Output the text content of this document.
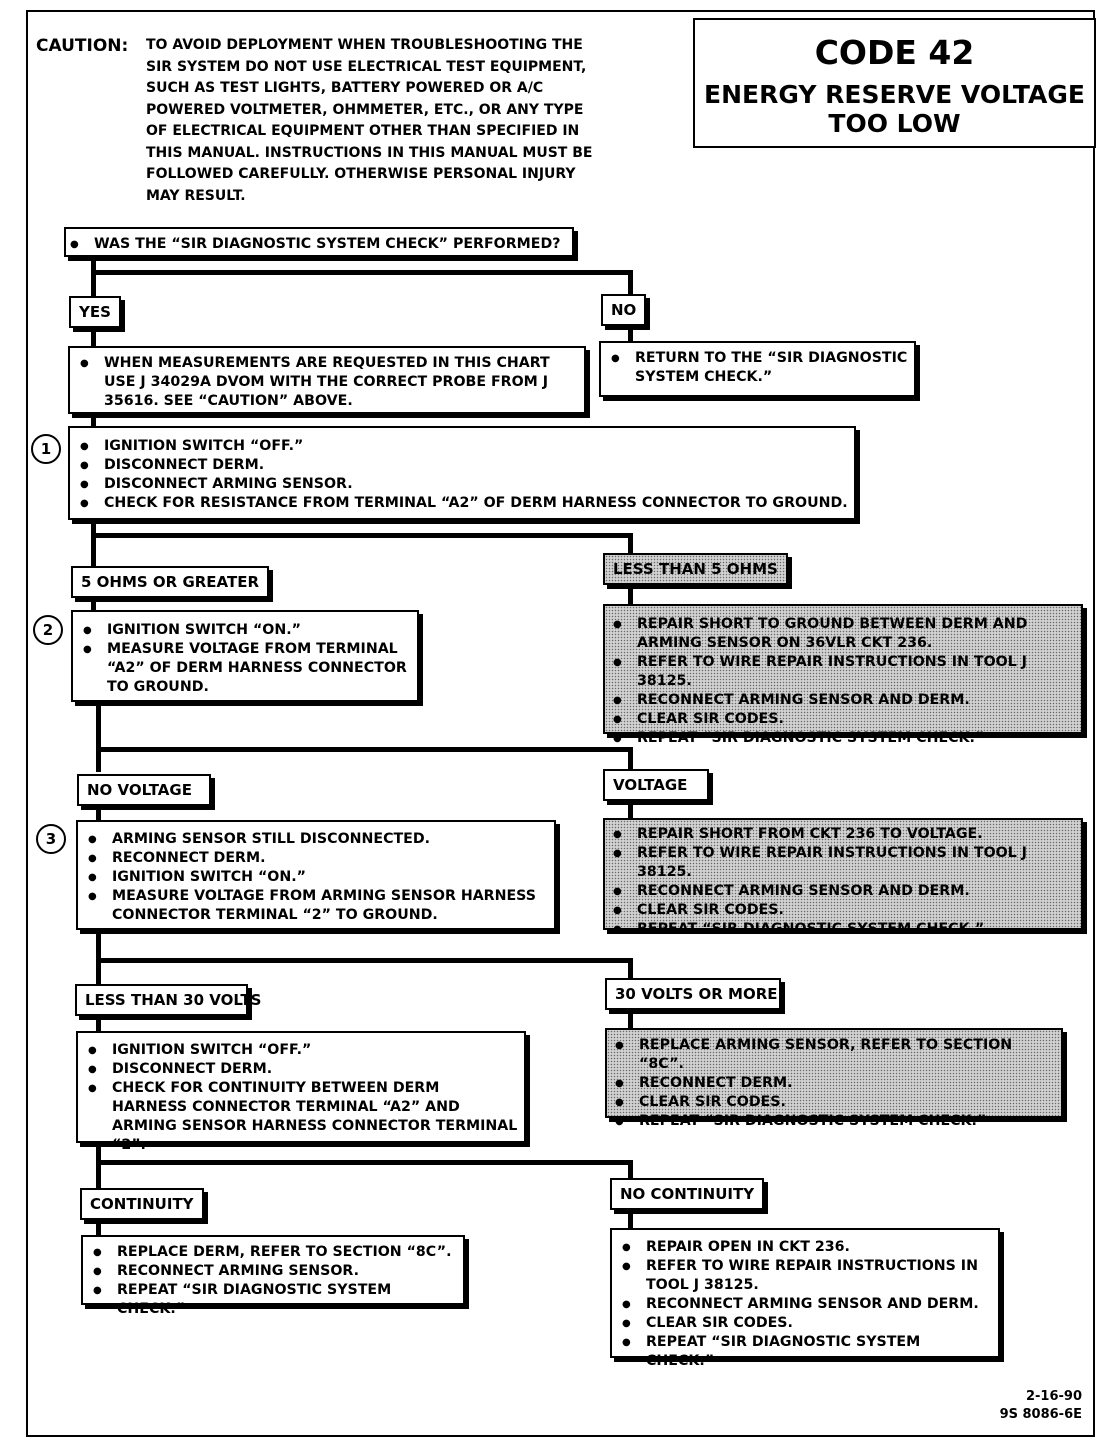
CAUTION: TO AVOID DEPLOYMENT WHEN TROUBLESHOOTING THE SIR SYSTEM DO NOT USE ELECTRICAL TEST EQUIPMENT, SUCH AS TEST LIGHTS, BATTERY POWERED OR A/C POWERED VOLTMETER, OHMMETER, ETC., OR ANY TYPE OF ELECTRICAL EQUIPMENT OTHER THAN SPECIFIED IN THIS MANUAL. INSTRUCTIONS IN THIS MANUAL MUST BE FOLLOWED CAREFULLY. OTHERWISE PERSONAL INJURY MAY RESULT.
CODE 42
ENERGY RESERVE VOLTAGE
TOO LOW
● WAS THE “SIR DIAGNOSTIC SYSTEM CHECK” PERFORMED?
YES	NO
● WHEN MEASUREMENTS ARE REQUESTED IN THIS CHART USE J 34029A DVOM WITH THE CORRECT PROBE FROM J 35616. SEE “CAUTION” ABOVE.
● RETURN TO THE “SIR DIAGNOSTIC SYSTEM CHECK.”
1	● IGNITION SWITCH “OFF.”
● DISCONNECT DERM.
● DISCONNECT ARMING SENSOR.
● CHECK FOR RESISTANCE FROM TERMINAL “A2” OF DERM HARNESS CONNECTOR TO GROUND.
5 OHMS OR GREATER
LESS THAN 5 OHMS
● REPAIR SHORT TO GROUND BETWEEN DERM AND ARMING SENSOR ON 36VLR CKT 236.
● REFER TO WIRE REPAIR INSTRUCTIONS IN TOOL J 38125.
● RECONNECT ARMING SENSOR AND DERM.
● CLEAR SIR CODES.
● REPEAT “SIR DIAGNOSTIC SYSTEM CHECK.”
2	● IGNITION SWITCH “ON.”
● MEASURE VOLTAGE FROM TERMINAL “A2” OF DERM HARNESS CONNECTOR TO GROUND.
NO VOLTAGE	VOLTAGE
● REPAIR SHORT FROM CKT 236 TO VOLTAGE.
● REFER TO WIRE REPAIR INSTRUCTIONS IN TOOL J 38125.
● RECONNECT ARMING SENSOR AND DERM.
● CLEAR SIR CODES.
● REPEAT “SIR DIAGNOSTIC SYSTEM CHECK.”
3	● ARMING SENSOR STILL DISCONNECTED.
● RECONNECT DERM.
● IGNITION SWITCH “ON.”
● MEASURE VOLTAGE FROM ARMING SENSOR HARNESS CONNECTOR TERMINAL “2” TO GROUND.
LESS THAN 30 VOLTS	30 VOLTS OR MORE
● REPLACE ARMING SENSOR, REFER TO SECTION “8C”.
● RECONNECT DERM.
● CLEAR SIR CODES.
● REPEAT “SIR DIAGNOSTIC SYSTEM CHECK.”
● IGNITION SWITCH “OFF.”
● DISCONNECT DERM.
● CHECK FOR CONTINUITY BETWEEN DERM HARNESS CONNECTOR TERMINAL “A2” AND ARMING SENSOR HARNESS CONNECTOR TERMINAL “2”.
CONTINUITY
NO CONTINUITY
● REPLACE DERM, REFER TO SECTION “8C”.
● RECONNECT ARMING SENSOR.
● REPEAT “SIR DIAGNOSTIC SYSTEM CHECK.”
● REPAIR OPEN IN CKT 236.
● REFER TO WIRE REPAIR INSTRUCTIONS IN TOOL J 38125.
● RECONNECT ARMING SENSOR AND DERM.
● CLEAR SIR CODES.
● REPEAT “SIR DIAGNOSTIC SYSTEM CHECK.”
2-16-90
9S 8086-6E
